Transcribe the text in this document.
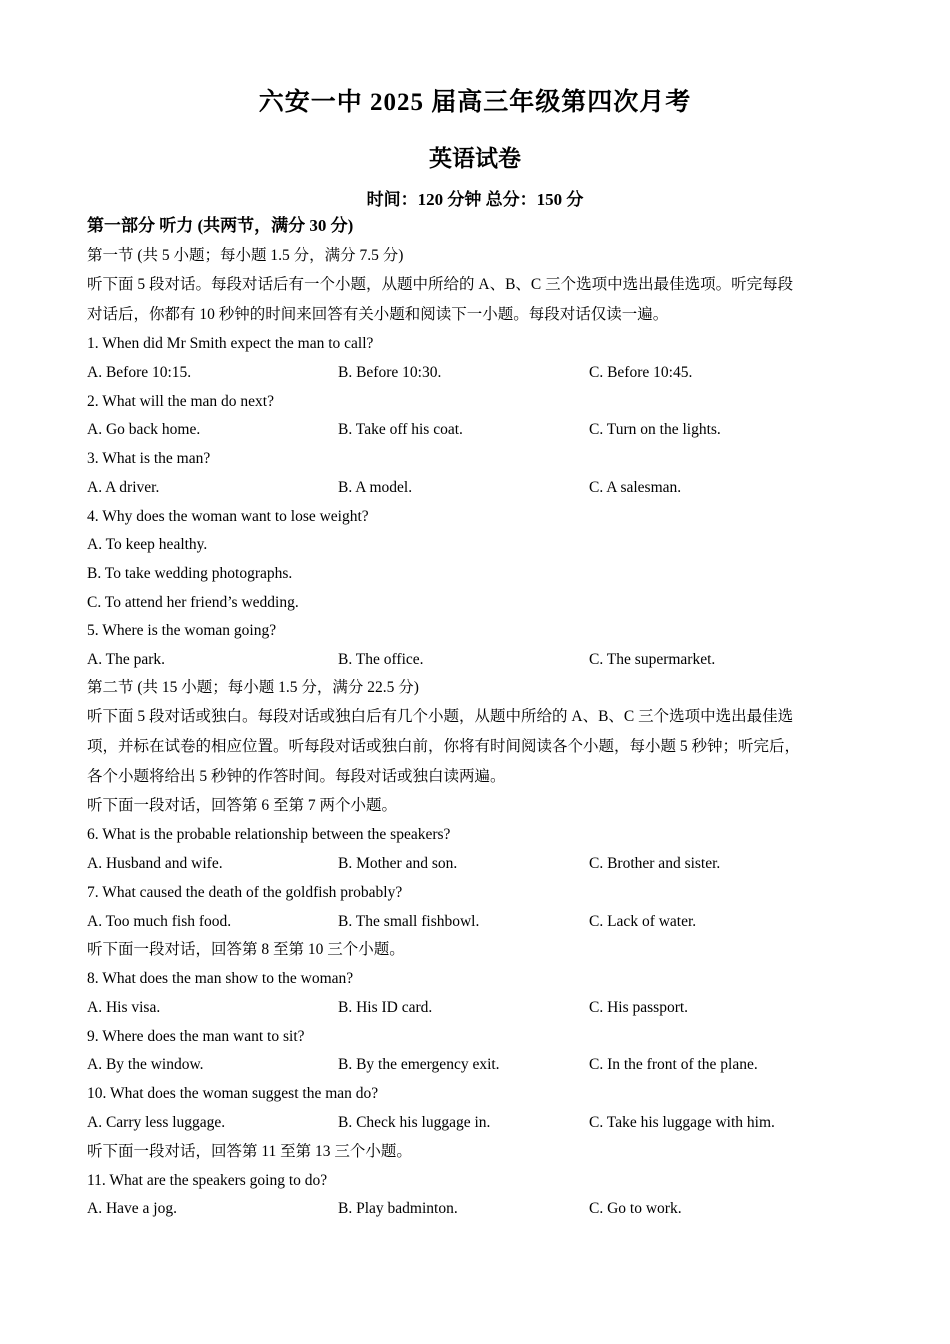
六安一中 2025 届高三年级第四次月考
英语试卷
时间：120 分钟 总分：150 分
第一部分 听力 (共两节，满分 30 分)
第一节 (共 5 小题；每小题 1.5 分，满分 7.5 分)
听下面 5 段对话。每段对话后有一个小题，从题中所给的 A、B、C 三个选项中选出最佳选项。听完每段
对话后，你都有 10 秒钟的时间来回答有关小题和阅读下一小题。每段对话仅读一遍。
1. When did Mr Smith expect the man to call?
A. Before 10:15.	B. Before 10:30.	C. Before 10:45.
2. What will the man do next?
A. Go back home.	B. Take off his coat.	C. Turn on the lights.
3. What is the man?
A. A driver.	B. A model.	C. A salesman.
4. Why does the woman want to lose weight?
A. To keep healthy.
B. To take wedding photographs.
C. To attend her friend’s wedding.
5. Where is the woman going?
A. The park.	B. The office.	C. The supermarket.
第二节 (共 15 小题；每小题 1.5 分，满分 22.5 分)
听下面 5 段对话或独白。每段对话或独白后有几个小题，从题中所给的 A、B、C 三个选项中选出最佳选
项，并标在试卷的相应位置。听每段对话或独白前，你将有时间阅读各个小题，每小题 5 秒钟；听完后，
各个小题将给出 5 秒钟的作答时间。每段对话或独白读两遍。
听下面一段对话，回答第 6 至第 7 两个小题。
6. What is the probable relationship between the speakers?
A. Husband and wife.	B. Mother and son.	C. Brother and sister.
7. What caused the death of the goldfish probably?
A. Too much fish food.	B. The small fishbowl.	C. Lack of water.
听下面一段对话，回答第 8 至第 10 三个小题。
8. What does the man show to the woman?
A. His visa.	B. His ID card.	C. His passport.
9. Where does the man want to sit?
A. By the window.	B. By the emergency exit.	C. In the front of the plane.
10. What does the woman suggest the man do?
A. Carry less luggage.	B. Check his luggage in.	C. Take his luggage with him.
听下面一段对话，回答第 11 至第 13 三个小题。
11. What are the speakers going to do?
A. Have a jog.	B. Play badminton.	C. Go to work.
